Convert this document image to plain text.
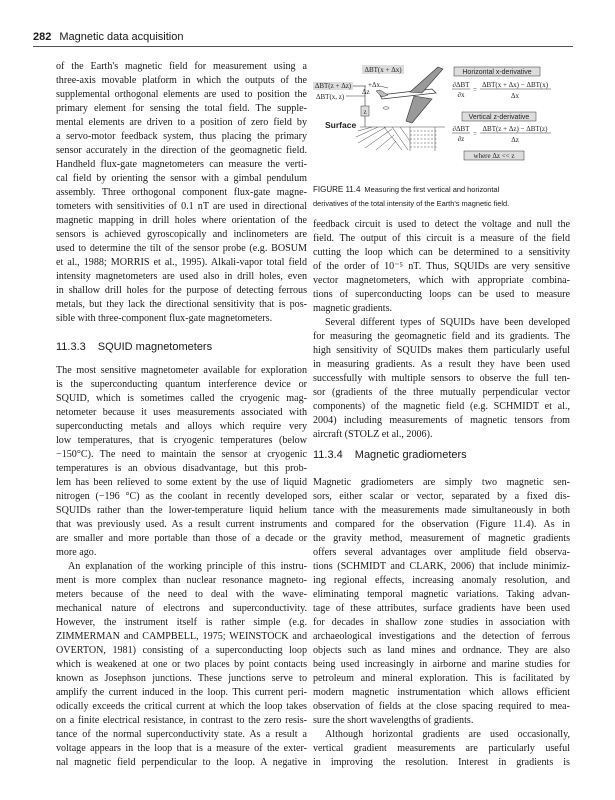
282 Magnetic data acquisition
of the Earth's magnetic field for measurement using a
three-axis movable platform in which the outputs of the
supplemental orthogonal elements are used to position the
primary element for sensing the total field. The supple-
mental elements are driven to a position of zero field by
a servo-motor feedback system, thus placing the primary
sensor accurately in the direction of the geomagnetic field.
Handheld flux-gate magnetometers can measure the verti-
cal field by orienting the sensor with a gimbal pendulum
assembly. Three orthogonal component flux-gate magne-
tometers with sensitivities of 0.1 nT are used in directional
magnetic mapping in drill holes where orientation of the
sensors is achieved gyroscopically and inclinometers are
used to determine the tilt of the sensor probe (e.g. BOSUM
et al., 1988; MORRIS et al., 1995). Alkali-vapor total field
intensity magnetometers are used also in drill holes, even
in shallow drill holes for the purpose of detecting ferrous
metals, but they lack the directional sensitivity that is pos-
sible with three-component flux-gate magnetometers.
11.3.3 SQUID magnetometers
The most sensitive magnetometer available for exploration
is the superconducting quantum interference device or
SQUID, which is sometimes called the cryogenic mag-
netometer because it uses measurements associated with
superconducting metals and alloys which require very
low temperatures, that is cryogenic temperatures (below
−150°C). The need to maintain the sensor at cryogenic
temperatures is an obvious disadvantage, but this prob-
lem has been relieved to some extent by the use of liquid
nitrogen (−196 °C) as the coolant in recently developed
SQUIDs rather than the lower-temperature liquid helium
that was previously used. As a result current instruments
are smaller and more portable than those of a decade or
more ago.
An explanation of the working principle of this instru-
ment is more complex than nuclear resonance magneto-
meters because of the need to deal with the wave-
mechanical nature of electrons and superconductivity.
However, the instrument itself is rather simple (e.g.
ZIMMERMAN and CAMPBELL, 1975; WEINSTOCK and
OVERTON, 1981) consisting of a superconducting loop
which is weakened at one or two places by point contacts
known as Josephson junctions. These junctions serve to
amplify the current induced in the loop. This current peri-
odically exceeds the critical current at which the loop takes
on a finite electrical resistance, in contrast to the zero resis-
tance of the normal superconductivity state. As a result a
voltage appears in the loop that is a measure of the exter-
nal magnetic field perpendicular to the loop. A negative
ΔBT(x + Δx)
ΔBT(z + Δz) +Δx
ΔBT(x, z)
Δz
z
Surface
Horizontal x-derivative
∂ΔBT
∂x
=
ΔBT(x + Δx) − ΔBT(x)
Δx
Vertical z-derivative
∂ΔBT
∂z
=
ΔBT(z + Δz) − ΔBT(z)
Δz
where Δz << z
FIGURE 11.4 Measuring the first vertical and horizontal
derivatives of the total intensity of the Earth's magnetic field.
feedback circuit is used to detect the voltage and null the
field. The output of this circuit is a measure of the field
cutting the loop which can be determined to a sensitivity
of the order of 10⁻⁵ nT. Thus, SQUIDs are very sensitive
vector magnetometers, which with appropriate combina-
tions of superconducting loops can be used to measure
magnetic gradients.
Several different types of SQUIDs have been developed
for measuring the geomagnetic field and its gradients. The
high sensitivity of SQUIDs makes them particularly useful
in measuring gradients. As a result they have been used
successfully with multiple sensors to observe the full ten-
sor (gradients of the three mutually perpendicular vector
components) of the magnetic field (e.g. SCHMIDT et al.,
2004) including measurements of magnetic tensors from
aircraft (STOLZ et al., 2006).
11.3.4 Magnetic gradiometers
Magnetic gradiometers are simply two magnetic sen-
sors, either scalar or vector, separated by a fixed dis-
tance with the measurements made simultaneously in both
and compared for the observation (Figure 11.4). As in
the gravity method, measurement of magnetic gradients
offers several advantages over amplitude field observa-
tions (SCHMIDT and CLARK, 2006) that include minimiz-
ing regional effects, increasing anomaly resolution, and
eliminating temporal magnetic variations. Taking advan-
tage of these attributes, surface gradients have been used
for decades in shallow zone studies in association with
archaeological investigations and the detection of ferrous
objects such as land mines and ordnance. They are also
being used increasingly in airborne and marine studies for
petroleum and mineral exploration. This is facilitated by
modern magnetic instrumentation which allows efficient
observation of fields at the close spacing required to mea-
sure the short wavelengths of gradients.
Although horizontal gradients are used occasionally,
vertical gradient measurements are particularly useful
in improving the resolution. Interest in gradients is
